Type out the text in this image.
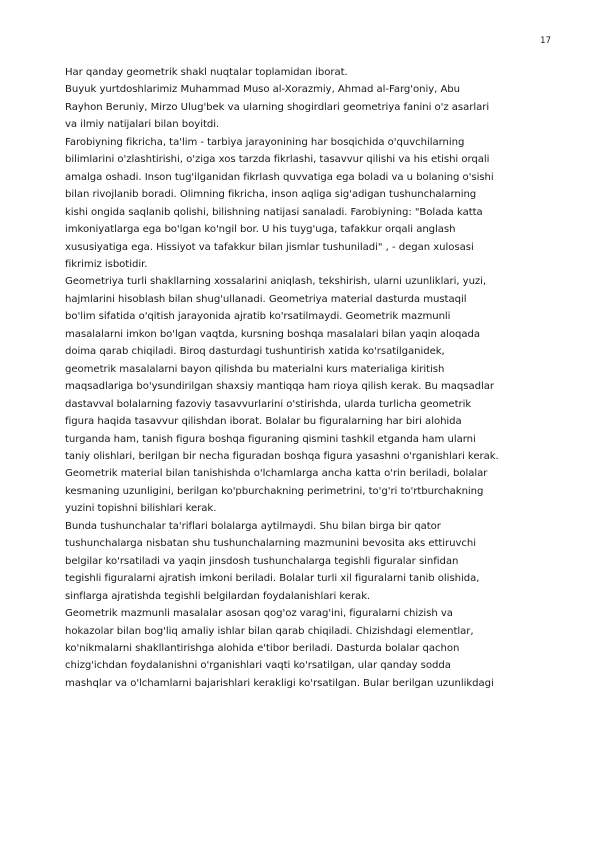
17
Har qanday geometrik shakl nuqtalar toplamidan iborat.
Buyuk yurtdoshlarimiz Muhammad Muso al-Xorazmiy, Ahmad al-Farg'oniy, Abu
Rayhon Beruniy, Mirzo Ulug'bek va ularning shogirdlari geometriya fanini o'z asarlari
va ilmiy natijalari bilan boyitdi.
Farobiyning fikricha, ta'lim - tarbiya jarayonining har bosqichida o'quvchilarning
bilimlarini o'zlashtirishi, o'ziga xos tarzda fikrlashi, tasavvur qilishi va his etishi orqali
amalga oshadi. Inson tug'ilganidan fikrlash quvvatiga ega boladi va u bolaning o'sishi
bilan rivojlanib boradi. Olimning fikricha, inson aqliga sig'adigan tushunchalarning
kishi ongida saqlanib qolishi, bilishning natijasi sanaladi. Farobiyning: "Bolada katta
imkoniyatlarga ega bo'lgan ko'ngil bor. U his tuyg'uga, tafakkur orqali anglash
xususiyatiga ega. Hissiyot va tafakkur bilan jismlar tushuniladi" , - degan xulosasi
fikrimiz isbotidir.
Geometriya turli shakllarning xossalarini aniqlash, tekshirish, ularni uzunliklari, yuzi,
hajmlarini hisoblash bilan shug'ullanadi. Geometriya material dasturda mustaqil
bo'lim sifatida o'qitish jarayonida ajratib ko'rsatilmaydi. Geometrik mazmunli
masalalarni imkon bo'lgan vaqtda, kursning boshqa masalalari bilan yaqin aloqada
doima qarab chiqiladi. Biroq dasturdagi tushuntirish xatida ko'rsatilganidek,
geometrik masalalarni bayon qilishda bu materialni kurs materialiga kiritish
maqsadlariga bo'ysundirilgan shaxsiy mantiqqa ham rioya qilish kerak. Bu maqsadlar
dastavval bolalarning fazoviy tasavvurlarini o'stirishda, ularda turlicha geometrik
figura haqida tasavvur qilishdan iborat. Bolalar bu figuralarning har biri alohida
turganda ham, tanish figura boshqa figuraning qismini tashkil etganda ham ularni
taniy olishlari, berilgan bir necha figuradan boshqa figura yasashni o'rganishlari kerak.
Geometrik material bilan tanishishda o'lchamlarga ancha katta o'rin beriladi, bolalar
kesmaning uzunligini, berilgan ko'pburchakning perimetrini, to'g'ri to'rtburchakning
yuzini topishni bilishlari kerak.
Bunda tushunchalar ta'riflari bolalarga aytilmaydi. Shu bilan birga bir qator
tushunchalarga nisbatan shu tushunchalarning mazmunini bevosita aks ettiruvchi
belgilar ko'rsatiladi va yaqin jinsdosh tushunchalarga tegishli figuralar sinfidan
tegishli figuralarni ajratish imkoni beriladi. Bolalar turli xil figuralarni tanib olishida,
sinflarga ajratishda tegishli belgilardan foydalanishlari kerak.
Geometrik mazmunli masalalar asosan qog'oz varag'ini, figuralarni chizish va
hokazolar bilan bog'liq amaliy ishlar bilan qarab chiqiladi. Chizishdagi elementlar,
ko'nikmalarni shakllantirishga alohida e'tibor beriladi. Dasturda bolalar qachon
chizg'ichdan foydalanishni o'rganishlari vaqti ko'rsatilgan, ular qanday sodda
mashqlar va o'lchamlarni bajarishlari kerakligi ko'rsatilgan. Bular berilgan uzunlikdagi
